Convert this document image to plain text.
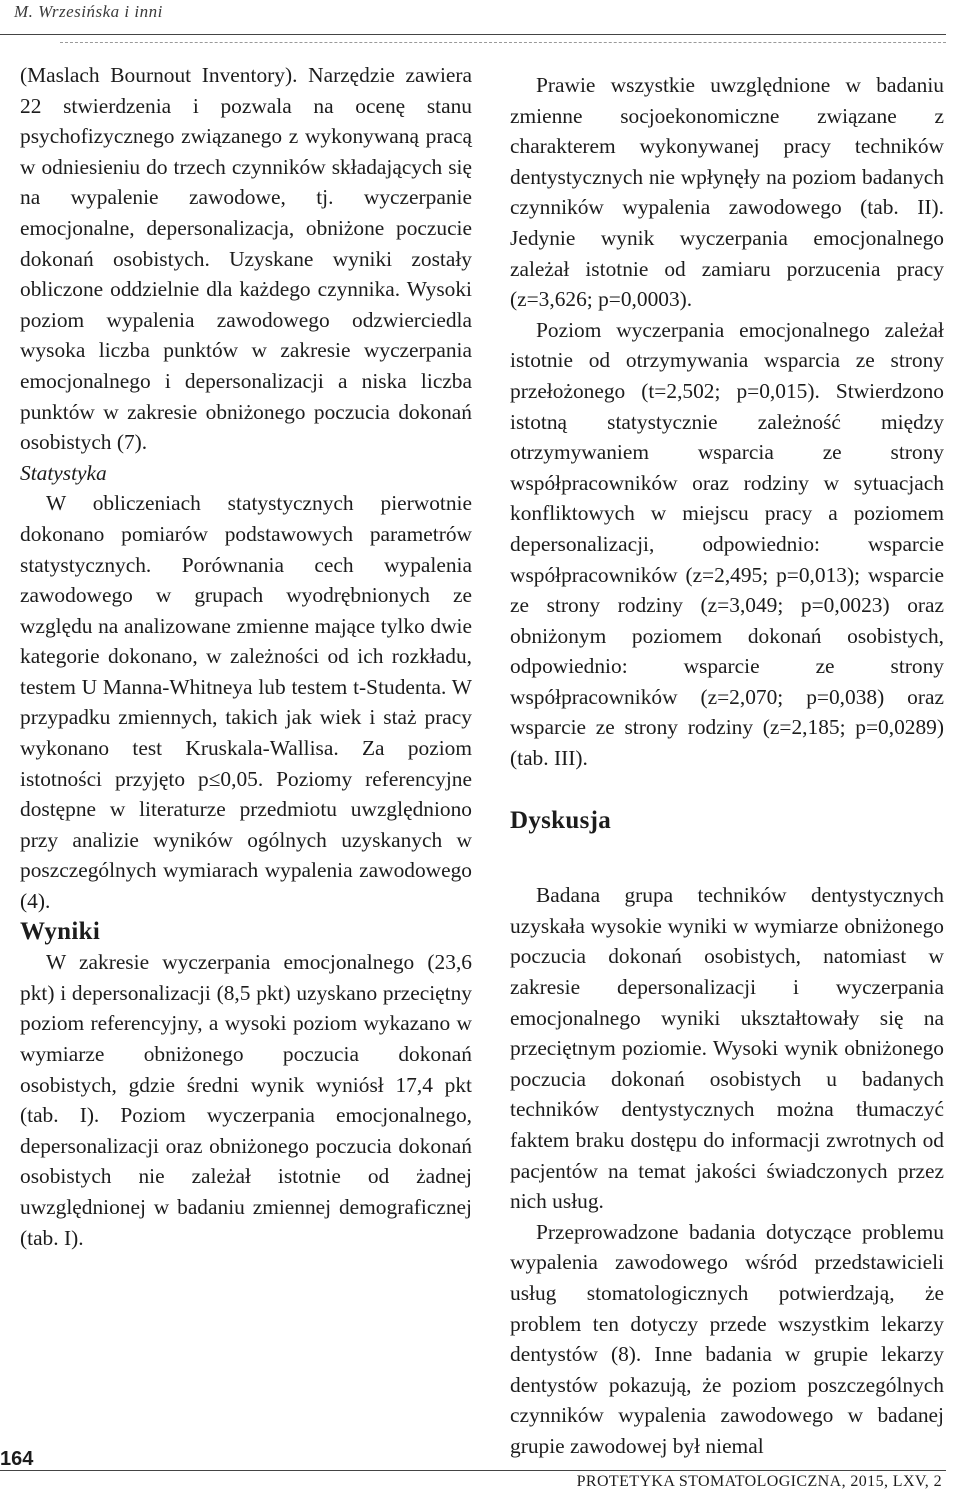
M. Wrzesińska i inni

(Maslach Bournout Inventory). Narzędzie zawiera 22 stwierdzenia i pozwala na ocenę stanu psychofizycznego związanego z wykonywaną pracą w odniesieniu do trzech czynników składających się na wypalenie zawodowe, tj. wyczerpanie emocjonalne, depersonalizacja, obniżone poczucie dokonań osobistych. Uzyskane wyniki zostały obliczone oddzielnie dla każdego czynnika. Wysoki poziom wypalenia zawodowego odzwierciedla wysoka liczba punktów w zakresie wyczerpania emocjonalnego i depersonalizacji a niska liczba punktów w zakresie obniżonego poczucia dokonań osobistych (7).

Statystyka

W obliczeniach statystycznych pierwotnie dokonano pomiarów podstawowych parametrów statystycznych. Porównania cech wypalenia zawodowego w grupach wyodrębnionych ze względu na analizowane zmienne mające tylko dwie kategorie dokonano, w zależności od ich rozkładu, testem U Manna-Whitneya lub testem t-Studenta. W przypadku zmiennych, takich jak wiek i staż pracy wykonano test Kruskala-Wallisa. Za poziom istotności przyjęto p≤0,05. Poziomy referencyjne dostępne w literaturze przedmiotu uwzględniono przy analizie wyników ogólnych uzyskanych w poszczególnych wymiarach wypalenia zawodowego (4).

Wyniki

W zakresie wyczerpania emocjonalnego (23,6 pkt) i depersonalizacji (8,5 pkt) uzyskano przeciętny poziom referencyjny, a wysoki poziom wykazano w wymiarze obniżonego poczucia dokonań osobistych, gdzie średni wynik wyniósł 17,4 pkt (tab. I). Poziom wyczerpania emocjonalnego, depersonalizacji oraz obniżonego poczucia dokonań osobistych nie zależał istotnie od żadnej uwzględnionej w badaniu zmiennej demograficznej (tab. I).

Prawie wszystkie uwzględnione w badaniu zmienne socjoekonomiczne związane z charakterem wykonywanej pracy techników dentystycznych nie wpłynęły na poziom badanych czynników wypalenia zawodowego (tab. II). Jedynie wynik wyczerpania emocjonalnego zależał istotnie od zamiaru porzucenia pracy (z=3,626; p=0,0003).

Poziom wyczerpania emocjonalnego zależał istotnie od otrzymywania wsparcia ze strony przełożonego (t=2,502; p=0,015). Stwierdzono istotną statystycznie zależność między otrzymywaniem wsparcia ze strony współpracowników oraz rodziny w sytuacjach konfliktowych w miejscu pracy a poziomem depersonalizacji, odpowiednio: wsparcie współpracowników (z=2,495; p=0,013); wsparcie ze strony rodziny (z=3,049; p=0,0023) oraz obniżonym poziomem dokonań osobistych, odpowiednio: wsparcie ze strony współpracowników (z=2,070; p=0,038) oraz wsparcie ze strony rodziny (z=2,185; p=0,0289) (tab. III).

Dyskusja

Badana grupa techników dentystycznych uzyskała wysokie wyniki w wymiarze obniżonego poczucia dokonań osobistych, natomiast w zakresie depersonalizacji i wyczerpania emocjonalnego wyniki ukształtowały się na przeciętnym poziomie. Wysoki wynik obniżonego poczucia dokonań osobistych u badanych techników dentystycznych można tłumaczyć faktem braku dostępu do informacji zwrotnych od pacjentów na temat jakości świadczonych przez nich usług.

Przeprowadzone badania dotyczące problemu wypalenia zawodowego wśród przedstawicieli usług stomatologicznych potwierdzają, że problem ten dotyczy przede wszystkim lekarzy dentystów (8). Inne badania w grupie lekarzy dentystów pokazują, że poziom poszczególnych czynników wypalenia zawodowego w badanej grupie zawodowej był niemal

164
PROTETYKA STOMATOLOGICZNA, 2015, LXV, 2
